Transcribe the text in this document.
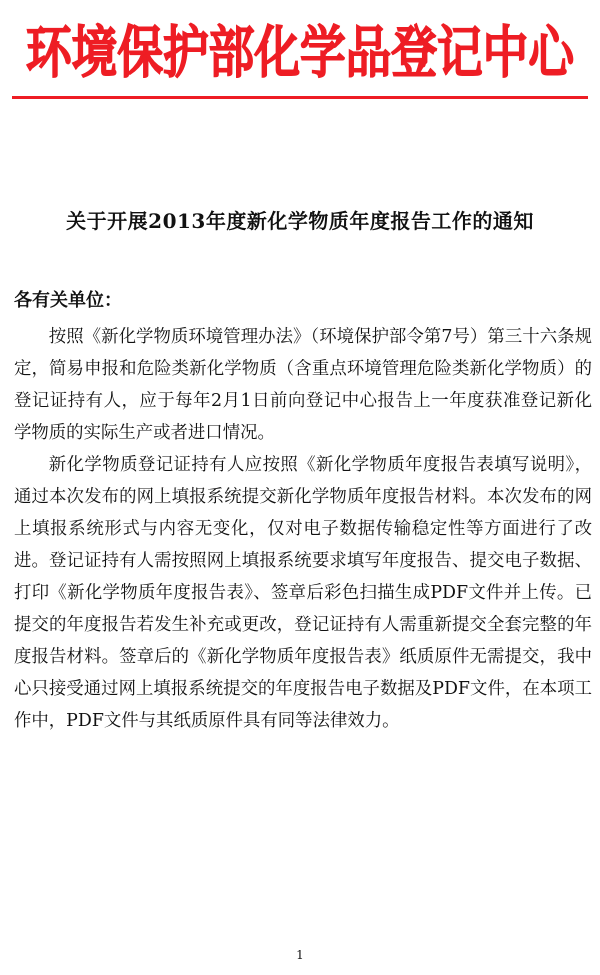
环境保护部化学品登记中心
关于开展2013年度新化学物质年度报告工作的通知
各有关单位：

按照《新化学物质环境管理办法》（环境保护部令第7号）第三十六条规定，简易申报和危险类新化学物质（含重点环境管理危险类新化学物质）的登记证持有人，应于每年2月1日前向登记中心报告上一年度获准登记新化学物质的实际生产或者进口情况。

新化学物质登记证持有人应按照《新化学物质年度报告表填写说明》，通过本次发布的网上填报系统提交新化学物质年度报告材料。本次发布的网上填报系统形式与内容无变化，仅对电子数据传输稳定性等方面进行了改进。登记证持有人需按照网上填报系统要求填写年度报告、提交电子数据、打印《新化学物质年度报告表》、签章后彩色扫描生成PDF文件并上传。已提交的年度报告若发生补充或更改，登记证持有人需重新提交全套完整的年度报告材料。签章后的《新化学物质年度报告表》纸质原件无需提交，我中心只接受通过网上填报系统提交的年度报告电子数据及PDF文件，在本项工作中，PDF文件与其纸质原件具有同等法律效力。

1
